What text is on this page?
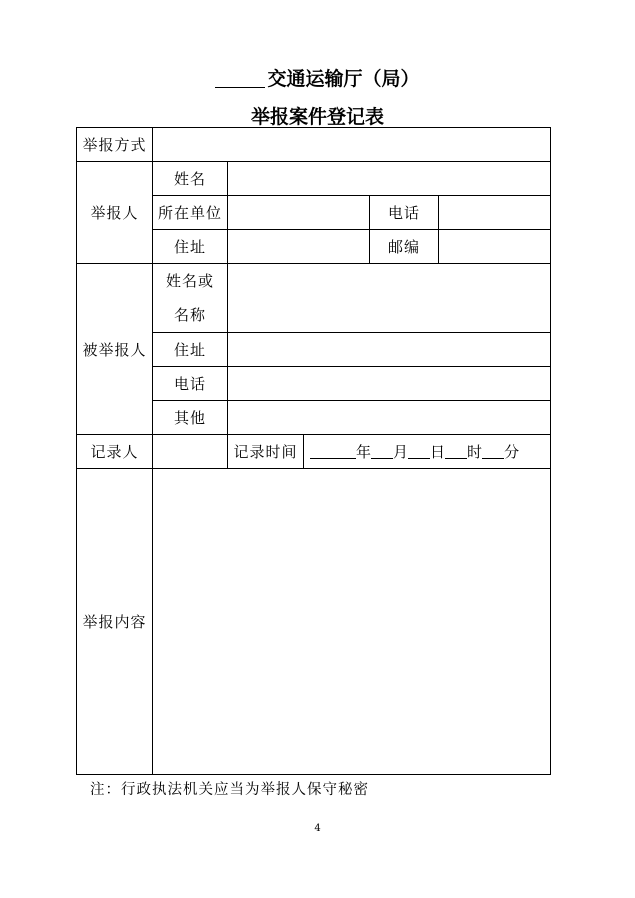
交通运输厅（局）
举报案件登记表
举报方式					
举报人	姓名				
	所在单位			电话	
	住址			邮编	
被举报人	姓名或
名称				

	住址				
	电话				
	其他				
记录人		记录时间	年 月 日 时 分		
举报内容					
注：行政执法机关应当为举报人保守秘密
4
